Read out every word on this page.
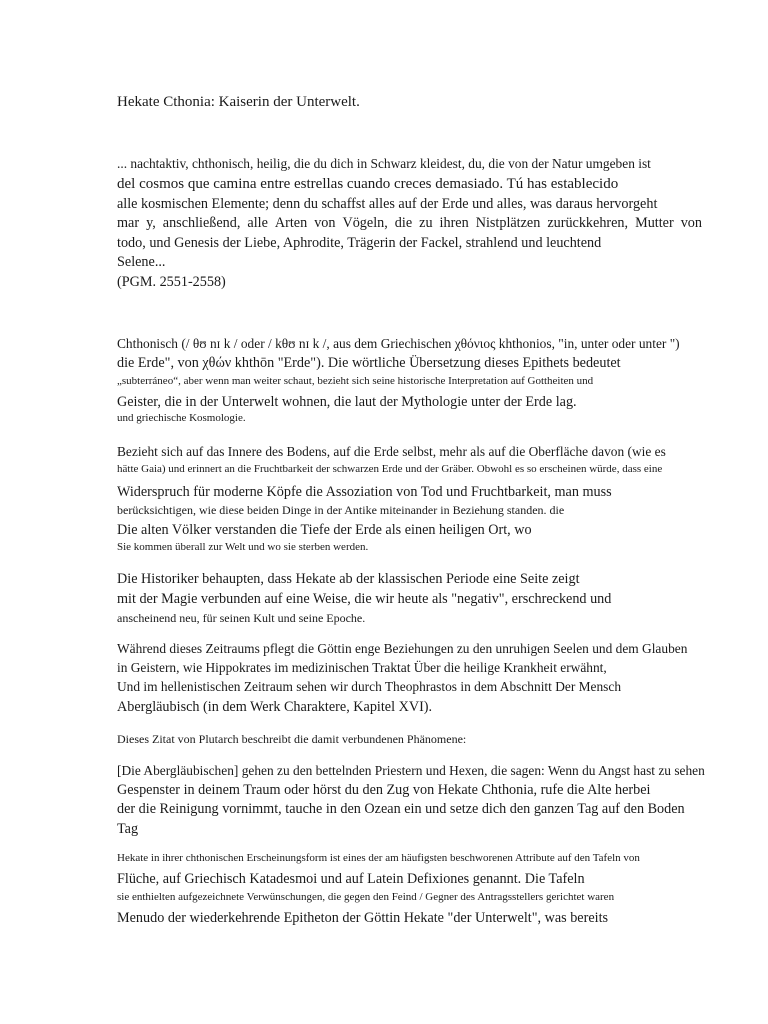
Hekate Cthonia: Kaiserin der Unterwelt.
... nachtaktiv, chthonisch, heilig, die du dich in Schwarz kleidest, du, die von der Natur umgeben ist
del cosmos que camina entre estrellas cuando creces demasiado. Tú has establecido
alle kosmischen Elemente; denn du schaffst alles auf der Erde und alles, was daraus hervorgeht
mar y, anschließend, alle Arten von Vögeln, die zu ihren Nistplätzen zurückkehren, Mutter von
todo, und Genesis der Liebe, Aphrodite, Trägerin der Fackel, strahlend und leuchtend
Selene...
(PGM. 2551-2558)
Chthonisch (/ θʊ nɪ k / oder / kθʊ nɪ k /, aus dem Griechischen χθόνιος khthonios, "in, unter oder unter ")
die Erde", von χθών khthōn "Erde"). Die wörtliche Übersetzung dieses Epithets bedeutet
„subterráneo“, aber wenn man weiter schaut, bezieht sich seine historische Interpretation auf Gottheiten und
Geister, die in der Unterwelt wohnen, die laut der Mythologie unter der Erde lag.
und griechische Kosmologie.
Bezieht sich auf das Innere des Bodens, auf die Erde selbst, mehr als auf die Oberfläche davon (wie es
hätte Gaia) und erinnert an die Fruchtbarkeit der schwarzen Erde und der Gräber. Obwohl es so erscheinen würde, dass eine
Widerspruch für moderne Köpfe die Assoziation von Tod und Fruchtbarkeit, man muss
berücksichtigen, wie diese beiden Dinge in der Antike miteinander in Beziehung standen. die
Die alten Völker verstanden die Tiefe der Erde als einen heiligen Ort, wo
Sie kommen überall zur Welt und wo sie sterben werden.
Die Historiker behaupten, dass Hekate ab der klassischen Periode eine Seite zeigt
mit der Magie verbunden auf eine Weise, die wir heute als "negativ", erschreckend und
anscheinend neu, für seinen Kult und seine Epoche.
Während dieses Zeitraums pflegt die Göttin enge Beziehungen zu den unruhigen Seelen und dem Glauben
in Geistern, wie Hippokrates im medizinischen Traktat Über die heilige Krankheit erwähnt,
Und im hellenistischen Zeitraum sehen wir durch Theophrastos in dem Abschnitt Der Mensch
Abergläubisch (in dem Werk Charaktere, Kapitel XVI).
Dieses Zitat von Plutarch beschreibt die damit verbundenen Phänomene:
[Die Abergläubischen] gehen zu den bettelnden Priestern und Hexen, die sagen: Wenn du Angst hast zu sehen
Gespenster in deinem Traum oder hörst du den Zug von Hekate Chthonia, rufe die Alte herbei
der die Reinigung vornimmt, tauche in den Ozean ein und setze dich den ganzen Tag auf den Boden
Tag
Hekate in ihrer chthonischen Erscheinungsform ist eines der am häufigsten beschworenen Attribute auf den Tafeln von
Flüche, auf Griechisch Katadesmoi und auf Latein Defixiones genannt. Die Tafeln
sie enthielten aufgezeichnete Verwünschungen, die gegen den Feind / Gegner des Antragsstellers gerichtet waren
Menudo der wiederkehrende Epitheton der Göttin Hekate "der Unterwelt", was bereits
